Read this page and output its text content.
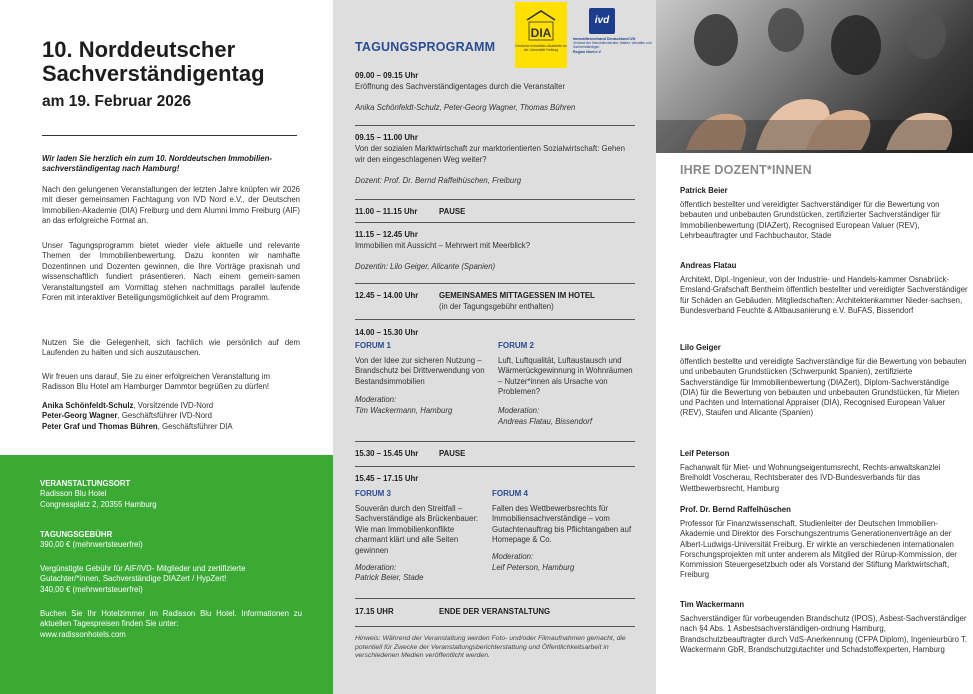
10. Norddeutscher Sachverständigentag
am 19. Februar 2026
Wir laden Sie herzlich ein zum 10. Norddeutschen Immobilien-sachverständigentag nach Hamburg!
Nach den gelungenen Veranstaltungen der letzten Jahre knüpfen wir 2026 mit dieser gemeinsamen Fachtagung von IVD Nord e.V., der Deutschen Immobilien-Akademie (DIA) Freiburg und dem Alumni Immo Freiburg (AIF) an das erfolgreiche Format an.
Unser Tagungsprogramm bietet wieder viele aktuelle und relevante Themen der Immobilienbewertung. Dazu konnten wir namhafte Dozentinnen und Dozenten gewinnen, die Ihre Vorträge praxisnah und wissenschaftlich fundiert präsentieren. Nach einem gemein-samen Veranstaltungsteil am Vormittag stehen nachmittags parallel laufende Foren mit interaktiver Beteiligungsmöglichkeit auf dem Programm.
Nutzen Sie die Gelegenheit, sich fachlich wie persönlich auf dem Laufenden zu halten und sich auszutauschen.
Wir freuen uns darauf, Sie zu einer erfolgreichen Veranstaltung im Radisson Blu Hotel am Hamburger Dammtor begrüßen zu dürfen!
Anika Schönfeldt-Schulz, Vorsitzende IVD-Nord
Peter-Georg Wagner, Geschäftsführer IVD-Nord
Peter Graf und Thomas Bühren, Geschäftsführer DIA
VERANSTALTUNGSORT
Radisson Blu Hotel
Congressplatz 2, 20355 Hamburg
TAGUNGSGEBÜHR
390,00 € (mehrwertsteuerfrei)
Vergünstigte Gebühr für AIF/IVD- Mitglieder und zertifizierte
Gutachter/*innen, Sachverständige DIAZert / HypZert!
340,00 € (mehrwertsteuerfrei)
Buchen Sie Ihr Hotelzimmer im Radisson Blu Hotel. Informationen zu aktuellen Tagespreisen finden Sie unter:
www.radissonhotels.com
DIA
Deutsche Immobilien-Akademie an der Universität Freiburg
ivd
Immobilienverband Deutschland IVD
Verband der Immobilienberater, Makler, Verwalter und Sachverständigen
Region Nord e.V.
TAGUNGSPROGRAMM
09.00 – 09.15 Uhr
Eröffnung des Sachverständigentages durch die Veranstalter
Anika Schönfeldt-Schulz, Peter-Georg Wagner, Thomas Bühren
09.15 – 11.00 Uhr
Von der sozialen Marktwirtschaft zur marktorientierten Sozialwirtschaft: Gehen wir den eingeschlagenen Weg weiter?
Dozent: Prof. Dr. Bernd Raffelhüschen, Freiburg
11.00 – 11.15 Uhr	PAUSE
11.15 – 12.45 Uhr
Immobilien mit Aussicht – Mehrwert mit Meerblick?
Dozentin: Lilo Geiger, Alicante (Spanien)
12.45 – 14.00 Uhr	GEMEINSAMES MITTAGESSEN IM HOTEL
(in der Tagungsgebühr enthalten)
14.00 – 15.30 Uhr
FORUM 1
Von der Idee zur sicheren Nutzung – Brandschutz bei Drittverwendung von Bestandsimmobilien
Moderation:
Tim Wackermann, Hamburg
FORUM 2
Luft, Luftqualität, Luftaustausch und Wärmerückgewinnung in Wohnräumen – Nutzer*innen als Ursache von Problemen?
Moderation:
Andreas Flatau, Bissendorf
15.30 – 15.45 Uhr	PAUSE
15.45 – 17.15 Uhr
FORUM 3
Souverän durch den Streitfall – Sachverständige als Brückenbauer: Wie man Immobilienkonflikte charmant klärt und alle Seiten gewinnen
Moderation:
Patrick Beier, Stade
FORUM 4
Fallen des Wettbewerbsrechts für Immobiliensachverständige – vom Gutachtenauftrag bis Pflichtangaben auf Homepage & Co.
Moderation:
Leif Peterson, Hamburg
17.15 UHR	ENDE DER VERANSTALTUNG
Hinweis: Während der Veranstaltung werden Foto- und/oder Filmaufnahmen gemacht, die potentiell für Zwecke der Veranstaltungsberichterstattung und Öffentlichkeitsarbeit in verschiedenen Medien veröffentlicht werden.
IHRE DOZENT*INNEN
Patrick Beier
öffentlich bestellter und vereidigter Sachverständiger für die Bewertung von bebauten und unbebauten Grundstücken, zertifizierter Sachverständiger für Immobilienbewertung (DIAZert), Recognised European Valuer (REV), Lehrbeauftragter und Fachbuchautor, Stade
Andreas Flatau
Architekt, Dipl.-Ingenieur, von der Industrie- und Handels-kammer Osnabrück-Emsland-Grafschaft Bentheim öffentlich bestellter und vereidigter Sachverständiger für Schäden an Gebäuden. Mitgliedschaften: Architektenkammer Nieder-sachsen, Bundesverband Feuchte & Altbausanierung e.V. BuFAS, Bissendorf
Lilo Geiger
öffentlich bestellte und vereidigte Sachverständige für die Bewertung von bebauten und unbebauten Grundstücken (Schwerpunkt Spanien), zertifizierte Sachverständige für Immobilienbewertung (DIAZert), Diplom-Sachverständige (DIA) für die Bewertung von bebauten und unbebauten Grundstücken, für Mieten und Pachten und International Appraiser (DIA), Recognised European Valuer (REV), Staufen und Alicante (Spanien)
Leif Peterson
Fachanwalt für Miet- und Wohnungseigentumsrecht, Rechts-anwaltskanzlei Breiholdt Voscherau, Rechtsberater des IVD-Bundesverbands für das Wettbewerbsrecht, Hamburg
Prof. Dr. Bernd Raffelhüschen
Professor für Finanzwissenschaft, Studienleiter der Deutschen Immobilien-Akademie und Direktor des Forschungszentrums Generationenverträge an der Albert-Ludwigs-Universität Freiburg. Er wirkte an verschiedenen internationalen Forschungsprojekten mit unter anderem als Mitglied der Rürup-Kommission, der Kommission Steuergesetzbuch oder als Vorstand der Stiftung Marktwirtschaft, Freiburg
Tim Wackermann
Sachverständiger für vorbeugenden Brandschutz (IPOS), Asbest-Sachverständiger nach §4 Abs. 1 Asbestsachverständigen-ordnung Hamburg, Brandschutzbeauftragter durch VdS-Anerkennung (CFPA Diplom), Ingenieurbüro T. Wackermann GbR, Brandschutzgutachter und Schadstoffexperten, Hamburg
